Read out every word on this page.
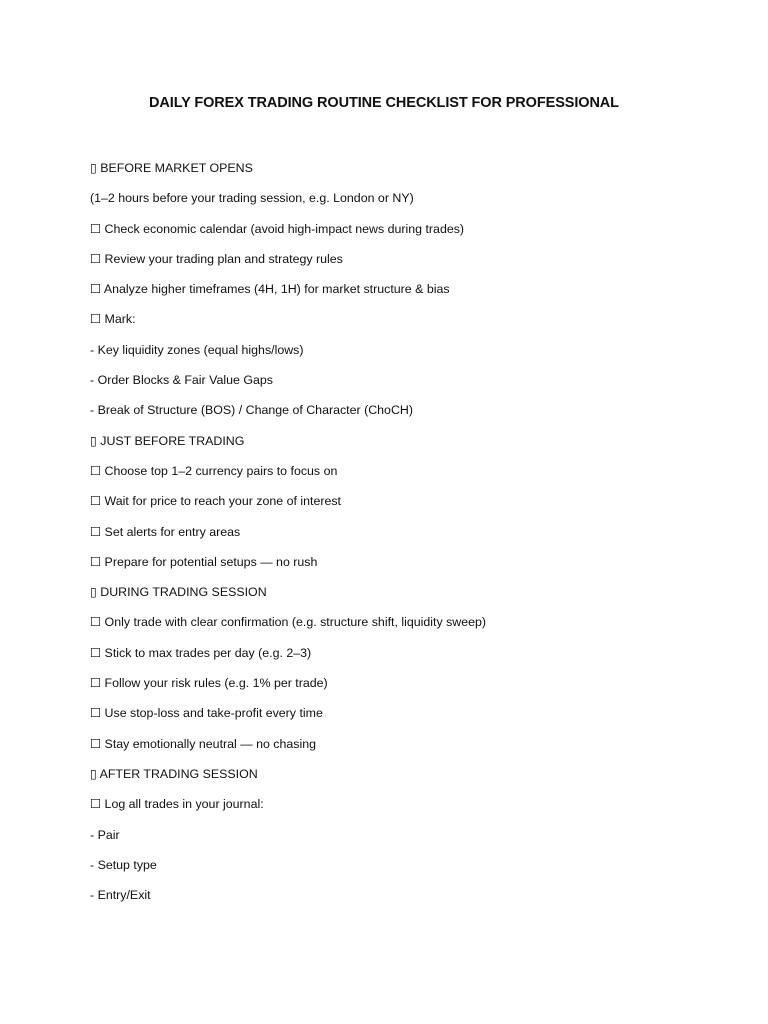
DAILY FOREX TRADING ROUTINE CHECKLIST FOR PROFESSIONAL
▯ BEFORE MARKET OPENS
(1–2 hours before your trading session, e.g. London or NY)
☐ Check economic calendar (avoid high-impact news during trades)
☐ Review your trading plan and strategy rules
☐ Analyze higher timeframes (4H, 1H) for market structure & bias
☐ Mark:
- Key liquidity zones (equal highs/lows)
- Order Blocks & Fair Value Gaps
- Break of Structure (BOS) / Change of Character (ChoCH)
▯ JUST BEFORE TRADING
☐ Choose top 1–2 currency pairs to focus on
☐ Wait for price to reach your zone of interest
☐ Set alerts for entry areas
☐ Prepare for potential setups — no rush
▯ DURING TRADING SESSION
☐ Only trade with clear confirmation (e.g. structure shift, liquidity sweep)
☐ Stick to max trades per day (e.g. 2–3)
☐ Follow your risk rules (e.g. 1% per trade)
☐ Use stop-loss and take-profit every time
☐ Stay emotionally neutral — no chasing
▯ AFTER TRADING SESSION
☐ Log all trades in your journal:
- Pair
- Setup type
- Entry/Exit
